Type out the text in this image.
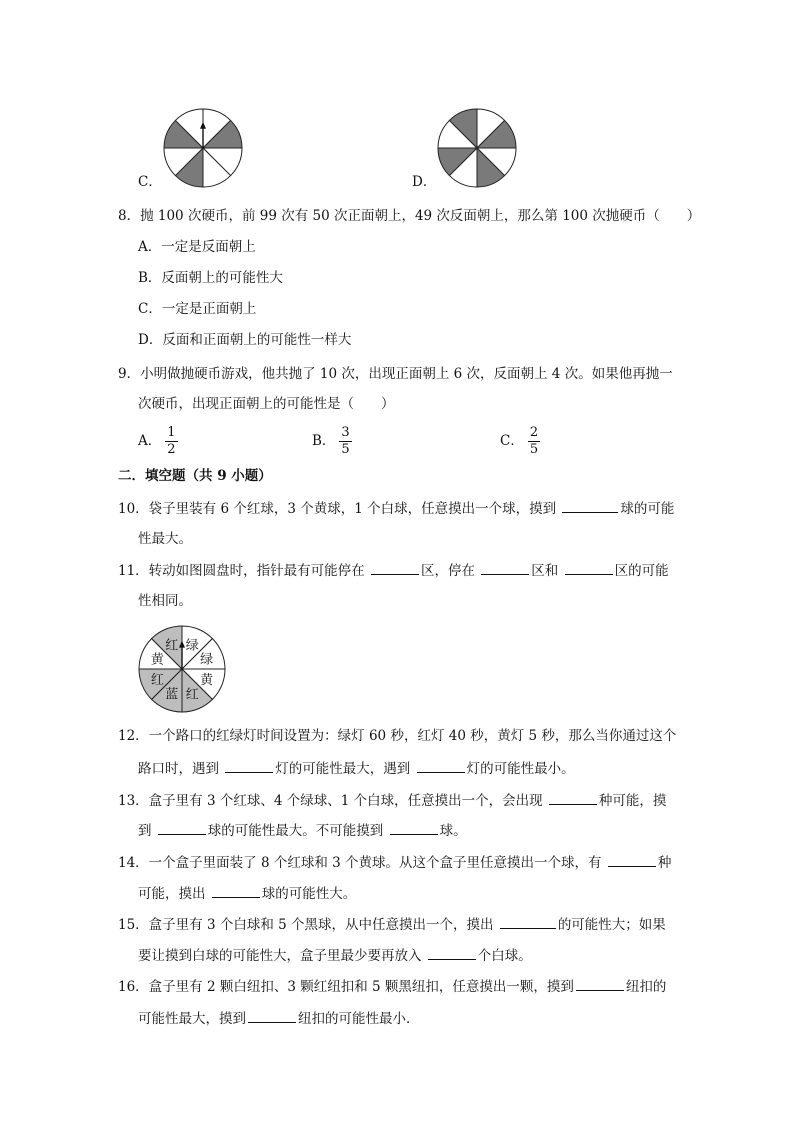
C．	D．
8．抛 100 次硬币，前 99 次有 50 次正面朝上，49 次反面朝上，那么第 100 次抛硬币（　　）
A．一定是反面朝上
B．反面朝上的可能性大
C．一定是正面朝上
D．反面和正面朝上的可能性一样大
9．小明做抛硬币游戏，他共抛了 10 次，出现正面朝上 6 次，反面朝上 4 次。如果他再抛一
次硬币，出现正面朝上的可能性是（　　）
A． $\frac{1}{2}$	B． $\frac{3}{5}$	C． $\frac{2}{5}$
二．填空题（共 9 小题）
10．袋子里装有 6 个红球，3 个黄球，1 个白球，任意摸出一个球，摸到	球的可能
性最大。
11．转动如图圆盘时，指针最有可能停在	区，停在	区和	区的可能
性相同。
绿
绿
黄
红
蓝
红
黄
红
12．一个路口的红绿灯时间设置为：绿灯 60 秒，红灯 40 秒，黄灯 5 秒，那么当你通过这个
路口时，遇到	灯的可能性最大，遇到	灯的可能性最小。
13．盒子里有 3 个红球、4 个绿球、1 个白球，任意摸出一个，会出现	种可能，摸
到	球的可能性最大。不可能摸到	球。
14．一个盒子里面装了 8 个红球和 3 个黄球。从这个盒子里任意摸出一个球，有	种
可能，摸出	球的可能性大。
15．盒子里有 3 个白球和 5 个黑球，从中任意摸出一个，摸出	的可能性大；如果
要让摸到白球的可能性大，盒子里最少要再放入	个白球。
16．盒子里有 2 颗白纽扣、3 颗红纽扣和 5 颗黑纽扣，任意摸出一颗，摸到	纽扣的
可能性最大，摸到	纽扣的可能性最小．
